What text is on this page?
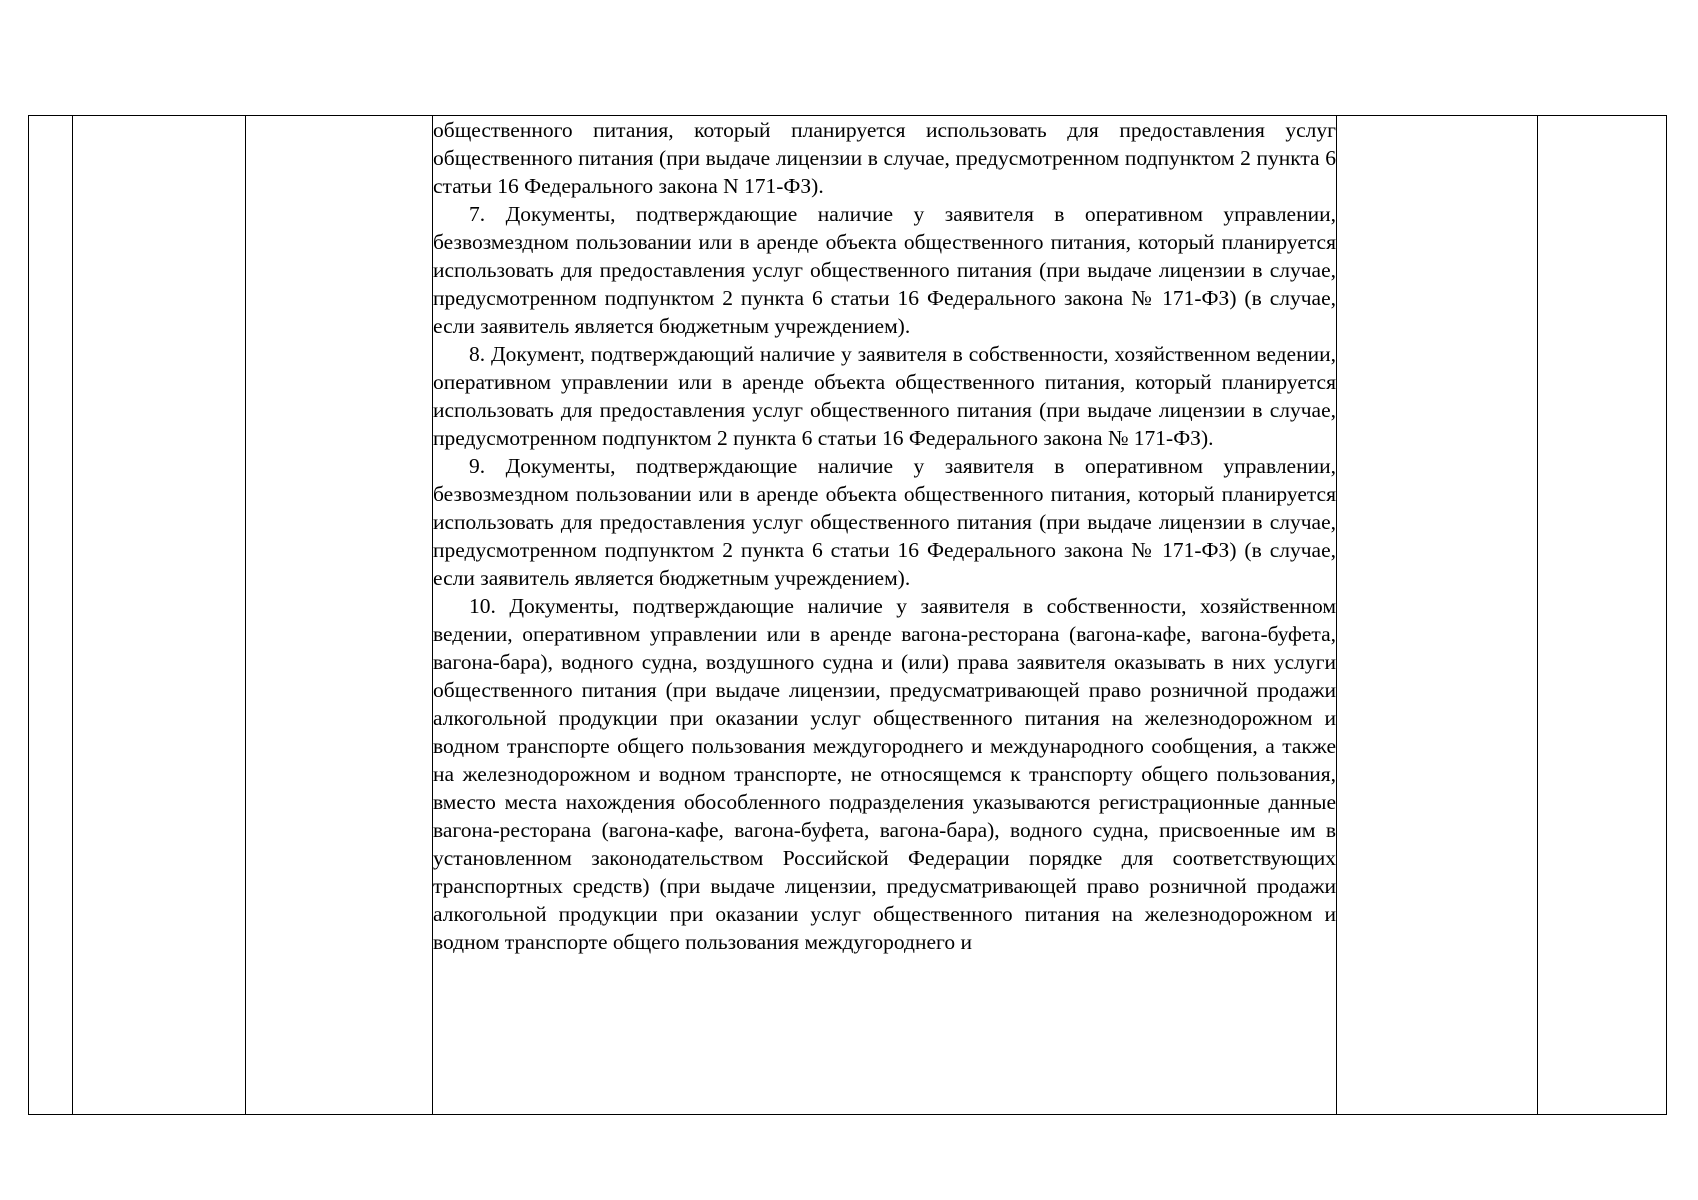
общественного питания, который планируется использовать для предоставления услуг общественного питания (при выдаче лицензии в случае, предусмотренном подпунктом 2 пункта 6 статьи 16 Федерального закона N 171-ФЗ).

7. Документы, подтверждающие наличие у заявителя в оперативном управлении, безвозмездном пользовании или в аренде объекта общественного питания, который планируется использовать для предоставления услуг общественного питания (при выдаче лицензии в случае, предусмотренном подпунктом 2 пункта 6 статьи 16 Федерального закона № 171-ФЗ) (в случае, если заявитель является бюджетным учреждением).

8. Документ, подтверждающий наличие у заявителя в собственности, хозяйственном ведении, оперативном управлении или в аренде объекта общественного питания, который планируется использовать для предоставления услуг общественного питания (при выдаче лицензии в случае, предусмотренном подпунктом 2 пункта 6 статьи 16 Федерального закона № 171-ФЗ).

9. Документы, подтверждающие наличие у заявителя в оперативном управлении, безвозмездном пользовании или в аренде объекта общественного питания, который планируется использовать для предоставления услуг общественного питания (при выдаче лицензии в случае, предусмотренном подпунктом 2 пункта 6 статьи 16 Федерального закона № 171-ФЗ) (в случае, если заявитель является бюджетным учреждением).

10. Документы, подтверждающие наличие у заявителя в собственности, хозяйственном ведении, оперативном управлении или в аренде вагона-ресторана (вагона-кафе, вагона-буфета, вагона-бара), водного судна, воздушного судна и (или) права заявителя оказывать в них услуги общественного питания (при выдаче лицензии, предусматривающей право розничной продажи алкогольной продукции при оказании услуг общественного питания на железнодорожном и водном транспорте общего пользования междугороднего и международного сообщения, а также на железнодорожном и водном транспорте, не относящемся к транспорту общего пользования, вместо места нахождения обособленного подразделения указываются регистрационные данные вагона-ресторана (вагона-кафе, вагона-буфета, вагона-бара), водного судна, присвоенные им в установленном законодательством Российской Федерации порядке для соответствующих транспортных средств) (при выдаче лицензии, предусматривающей право розничной продажи алкогольной продукции при оказании услуг общественного питания на железнодорожном и водном транспорте общего пользования междугороднего и
